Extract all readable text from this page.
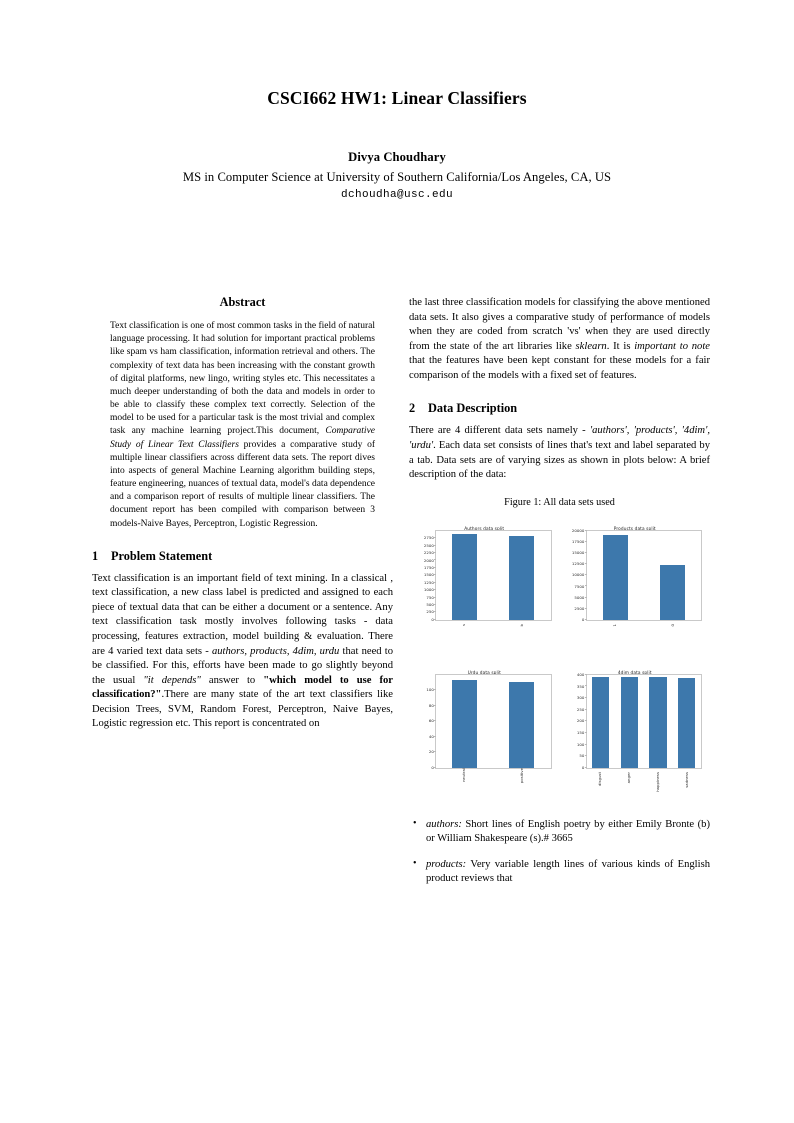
CSCI662 HW1: Linear Classifiers
Divya Choudhary
MS in Computer Science at University of Southern California/Los Angeles, CA, US
dchoudha@usc.edu
Abstract

Text classification is one of most common tasks in the field of natural language processing. It had solution for important practical problems like spam vs ham classification, information retrieval and others. The complexity of text data has been increasing with the constant growth of digital platforms, new lingo, writing styles etc. This necessitates a much deeper understanding of both the data and models in order to be able to classify these complex text correctly. Selection of the model to be used for a particular task is the most trivial and complex task any machine learning project.This document, Comparative Study of Linear Text Classifiers provides a comparative study of multiple linear classifiers across different data sets. The report dives into aspects of general Machine Learning algorithm building steps, feature engineering, nuances of textual data, model's data dependence and a comparison report of results of multiple linear classifiers. The document report has been compiled with comparison between 3 models-Naive Bayes, Perceptron, Logistic Regression.

1 Problem Statement

Text classification is an important field of text mining. In a classical , text classification, a new class label is predicted and assigned to each piece of textual data that can be either a document or a sentence. Any text classification task mostly involves following tasks - data processing, features extraction, model building & evaluation. There are 4 varied text data sets - authors, products, 4dim, urdu that need to be classified. For this, efforts have been made to go slightly beyond the usual "it depends" answer to "which model to use for classification?".There are many state of the art text classifiers like Decision Trees, SVM, Random Forest, Perceptron, Naive Bayes, Logistic regression etc. This report is concentrated on

the last three classification models for classifying the above mentioned data sets. It also gives a comparative study of performance of models when they are coded from scratch 'vs' when they are used directly from the state of the art libraries like sklearn. It is important to note that the features have been kept constant for these models for a fair comparison of the models with a fixed set of features.

2 Data Description

There are 4 different data sets namely - 'authors', 'products', '4dim', 'urdu'. Each data set consists of lines that's text and label separated by a tab. Data sets are of varying sizes as shown in plots below: A brief description of the data:

Figure 1: All data sets used
0
250
500
750
1000
1250
1500
1750
2000
2250
2500
2750
s	b
0
2500
5000
7500
10000
12500
15000
17500
20000
1	0
0
20
40
60
80
100
neutral	positive
0
50
100
150
200
250
300
350
400
disgust	anger	happiness	sadness
• authors: Short lines of English poetry by either Emily Bronte (b) or William Shakespeare (s).# 3665
• products: Very variable length lines of various kinds of English product reviews that
